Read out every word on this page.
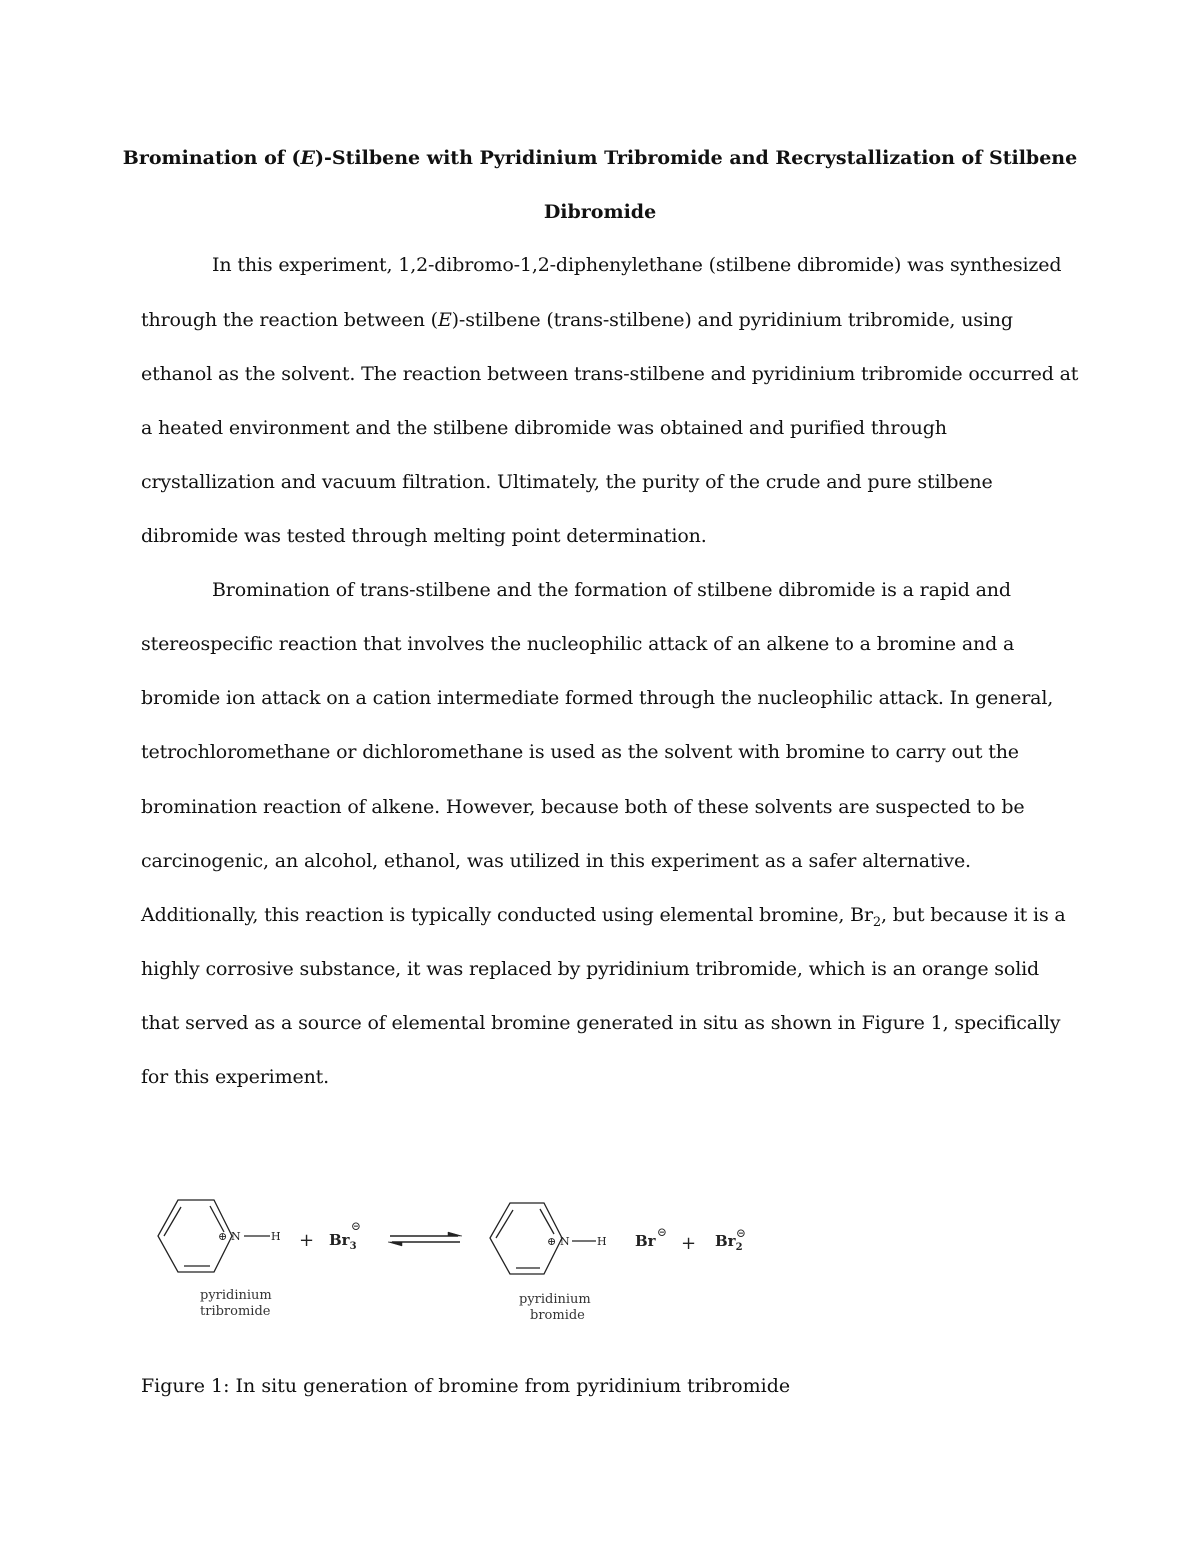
Bromination of (E)-Stilbene with Pyridinium Tribromide and Recrystallization of Stilbene
Dibromide
In this experiment, 1,2-dibromo-1,2-diphenylethane (stilbene dibromide) was synthesized
through the reaction between (E)-stilbene (trans-stilbene) and pyridinium tribromide, using
ethanol as the solvent. The reaction between trans-stilbene and pyridinium tribromide occurred at
a heated environment and the stilbene dibromide was obtained and purified through
crystallization and vacuum filtration. Ultimately, the purity of the crude and pure stilbene
dibromide was tested through melting point determination.
Bromination of trans-stilbene and the formation of stilbene dibromide is a rapid and
stereospecific reaction that involves the nucleophilic attack of an alkene to a bromine and a
bromide ion attack on a cation intermediate formed through the nucleophilic attack. In general,
tetrochloromethane or dichloromethane is used as the solvent with bromine to carry out the
bromination reaction of alkene. However, because both of these solvents are suspected to be
carcinogenic, an alcohol, ethanol, was utilized in this experiment as a safer alternative.
Additionally, this reaction is typically conducted using elemental bromine, $Br_2$, but because it is a
highly corrosive substance, it was replaced by pyridinium tribromide, which is an orange solid
that served as a source of elemental bromine generated in situ as shown in Figure 1, specifically
for this experiment.
⊕ N	$H + Br_3$
⊝
⊕ N H Br ⊝
+ $Br_2$
⊝
pyridinium
tribromide
pyridinium
bromide
Figure 1: In situ generation of bromine from pyridinium tribromide
